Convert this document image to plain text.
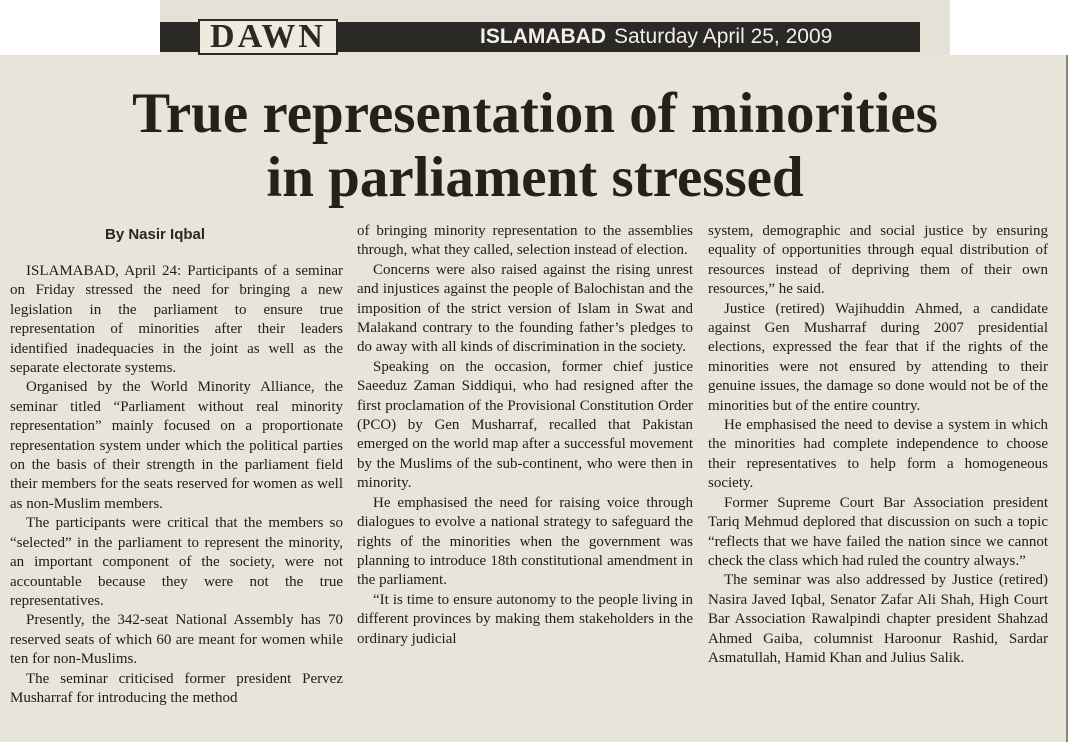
DAWN	ISLAMABAD Saturday April 25, 2009
True representation of minorities
in parliament stressed
By Nasir Iqbal

ISLAMABAD, April 24: Participants of a seminar on Friday stressed the need for bringing a new legislation in the parliament to ensure true representation of minorities after their leaders identified inadequacies in the joint as well as the separate electorate systems.

Organised by the World Minority Alliance, the seminar titled “Parliament without real minority representation” mainly focused on a proportionate representation system under which the political parties on the basis of their strength in the parliament field their members for the seats reserved for women as well as non-Muslim members.

The participants were critical that the members so “selected” in the parliament to represent the minority, an important component of the society, were not accountable because they were not the true representatives.

Presently, the 342-seat National Assembly has 70 reserved seats of which 60 are meant for women while ten for non-Muslims.

The seminar criticised former president Pervez Musharraf for introducing the method

of bringing minority representation to the assemblies through, what they called, selection instead of election.

Concerns were also raised against the rising unrest and injustices against the people of Balochistan and the imposition of the strict version of Islam in Swat and Malakand contrary to the founding father’s pledges to do away with all kinds of discrimination in the society.

Speaking on the occasion, former chief justice Saeeduz Zaman Siddiqui, who had resigned after the first proclamation of the Provisional Constitution Order (PCO) by Gen Musharraf, recalled that Pakistan emerged on the world map after a successful movement by the Muslims of the sub-continent, who were then in minority.

He emphasised the need for raising voice through dialogues to evolve a national strategy to safeguard the rights of the minorities when the government was planning to introduce 18th constitutional amendment in the parliament.

“It is time to ensure autonomy to the people living in different provinces by making them stakeholders in the ordinary judicial

system, demographic and social justice by ensuring equality of opportunities through equal distribution of resources instead of depriving them of their own resources,” he said.

Justice (retired) Wajihuddin Ahmed, a candidate against Gen Musharraf during 2007 presidential elections, expressed the fear that if the rights of the minorities were not ensured by attending to their genuine issues, the damage so done would not be of the minorities but of the entire country.

He emphasised the need to devise a system in which the minorities had complete independence to choose their representatives to help form a homogeneous society.

Former Supreme Court Bar Association president Tariq Mehmud deplored that discussion on such a topic “reflects that we have failed the nation since we cannot check the class which had ruled the country always.”

The seminar was also addressed by Justice (retired) Nasira Javed Iqbal, Senator Zafar Ali Shah, High Court Bar Association Rawalpindi chapter president Shahzad Ahmed Gaiba, columnist Haroonur Rashid, Sardar Asmatullah, Hamid Khan and Julius Salik.
